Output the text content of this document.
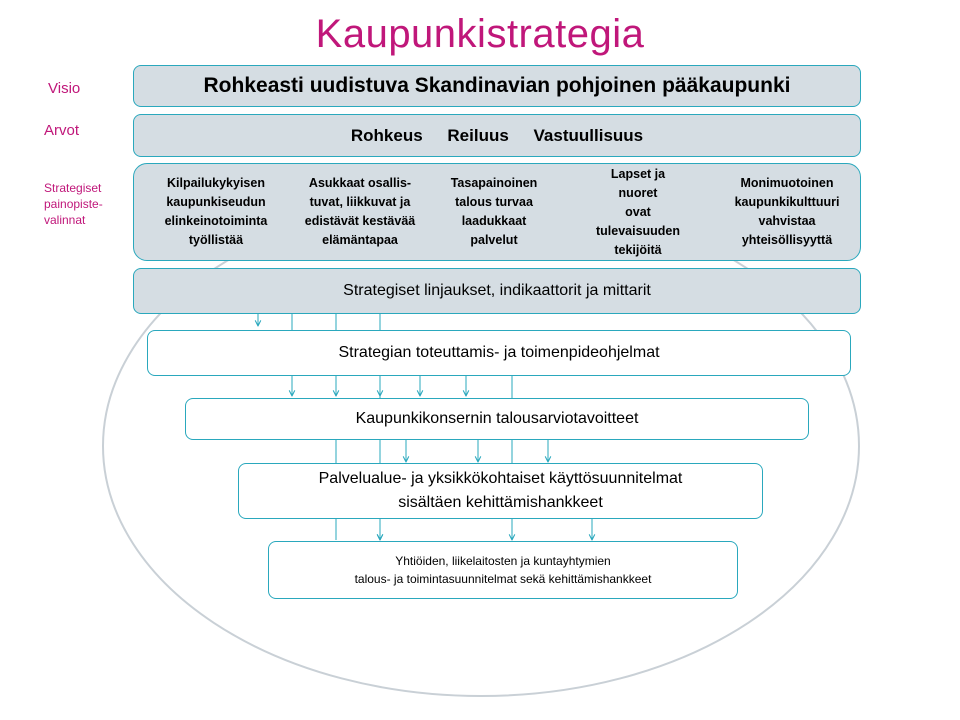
Kaupunkistrategia
Visio
Arvot
Strategiset
painopiste-
valinnat
Rohkeasti uudistuva Skandinavian pohjoinen pääkaupunki
Rohkeus Reiluus Vastuullisuus
Kilpailukykyisen
kaupunkiseudun
elinkeinotoiminta
työllistää
Asukkaat osallis-
tuvat, liikkuvat ja
edistävät kestävää
elämäntapaa
Tasapainoinen
talous turvaa
laadukkaat
palvelut
Lapset ja
nuoret
ovat
tulevaisuuden
tekijöitä
Monimuotoinen
kaupunkikulttuuri
vahvistaa
yhteisöllisyyttä
Strategiset linjaukset, indikaattorit ja mittarit
Strategian toteuttamis- ja toimenpideohjelmat
Kaupunkikonsernin talousarviotavoitteet
Palvelualue- ja yksikkökohtaiset käyttösuunnitelmat
sisältäen kehittämishankkeet
Yhtiöiden, liikelaitosten ja kuntayhtymien
talous- ja toimintasuunnitelmat sekä kehittämishankkeet
